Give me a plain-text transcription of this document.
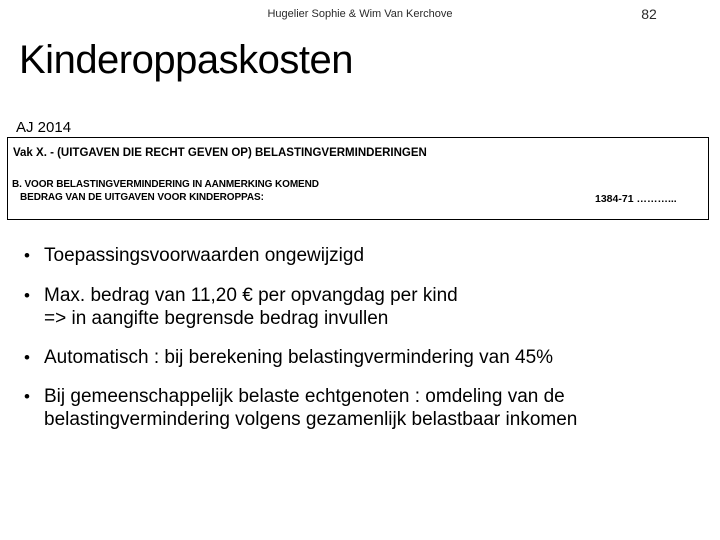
Hugelier Sophie & Wim Van Kerchove	82
Kinderoppaskosten
AJ 2014
Vak X. - (UITGAVEN DIE RECHT GEVEN OP) BELASTINGVERMINDERINGEN
B. VOOR BELASTINGVERMINDERING IN AANMERKING KOMEND
BEDRAG VAN DE UITGAVEN VOOR KINDEROPPAS:	1384-71 ………...
• Toepassingsvoorwaarden ongewijzigd
• Max. bedrag van 11,20 € per opvangdag per kind
=> in aangifte begrensde bedrag invullen
• Automatisch : bij berekening belastingvermindering van 45%
• Bij gemeenschappelijk belaste echtgenoten : omdeling van de
belastingvermindering volgens gezamenlijk belastbaar inkomen
